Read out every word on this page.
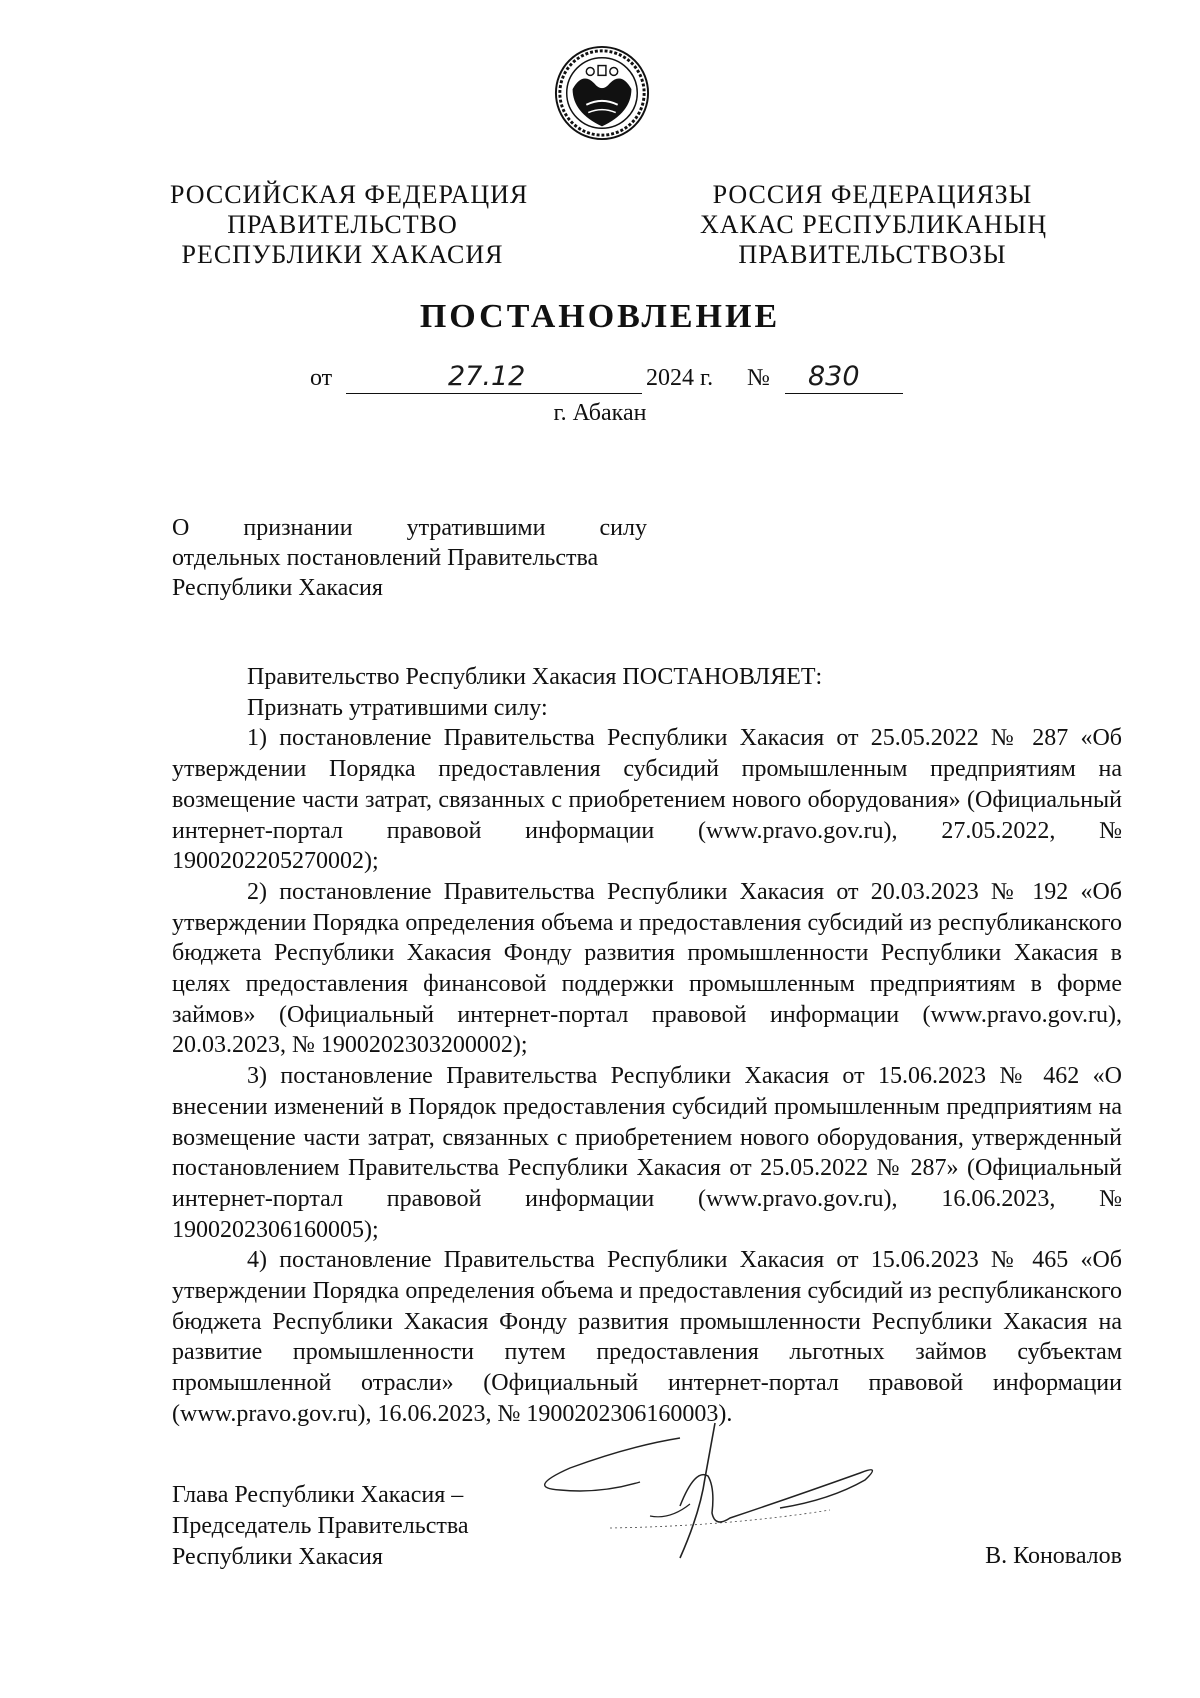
РОССИЙСКАЯ ФЕДЕРАЦИЯ
ПРАВИТЕЛЬСТВО
РЕСПУБЛИКИ ХАКАСИЯ
РОССИЯ ФЕДЕРАЦИЯЗЫ
ХАКАС РЕСПУБЛИКАНЫҢ
ПРАВИТЕЛЬСТВОЗЫ
ПОСТАНОВЛЕНИЕ
от	27.12	2024 г. № 830
г. Абакан
О признании утратившими силу
отдельных постановлений Правительства
Республики Хакасия

Правительство Республики Хакасия ПОСТАНОВЛЯЕТ:

Признать утратившими силу:

1) постановление Правительства Республики Хакасия от 25.05.2022 № 287 «Об утверждении Порядка предоставления субсидий промышленным предприятиям на возмещение части затрат, связанных с приобретением нового оборудования» (Официальный интернет-портал правовой информации (www.pravo.gov.ru), 27.05.2022, № 1900202205270002);

2) постановление Правительства Республики Хакасия от 20.03.2023 № 192 «Об утверждении Порядка определения объема и предоставления субсидий из республиканского бюджета Республики Хакасия Фонду развития промышленности Республики Хакасия в целях предоставления финансовой поддержки промышленным предприятиям в форме займов» (Официальный интернет-портал правовой информации (www.pravo.gov.ru), 20.03.2023, № 1900202303200002);

3) постановление Правительства Республики Хакасия от 15.06.2023 № 462 «О внесении изменений в Порядок предоставления субсидий промышленным предприятиям на возмещение части затрат, связанных с приобретением нового оборудования, утвержденный постановлением Правительства Республики Хакасия от 25.05.2022 № 287» (Официальный интернет-портал правовой информации (www.pravo.gov.ru), 16.06.2023, № 1900202306160005);

4) постановление Правительства Республики Хакасия от 15.06.2023 № 465 «Об утверждении Порядка определения объема и предоставления субсидий из республиканского бюджета Республики Хакасия Фонду развития промышленности Республики Хакасия на развитие промышленности путем предоставления льготных займов субъектам промышленной отрасли» (Официальный интернет-портал правовой информации (www.pravo.gov.ru), 16.06.2023, № 1900202306160003).

Глава Республики Хакасия –
Председатель Правительства
Республики Хакасия	В. Коновалов
